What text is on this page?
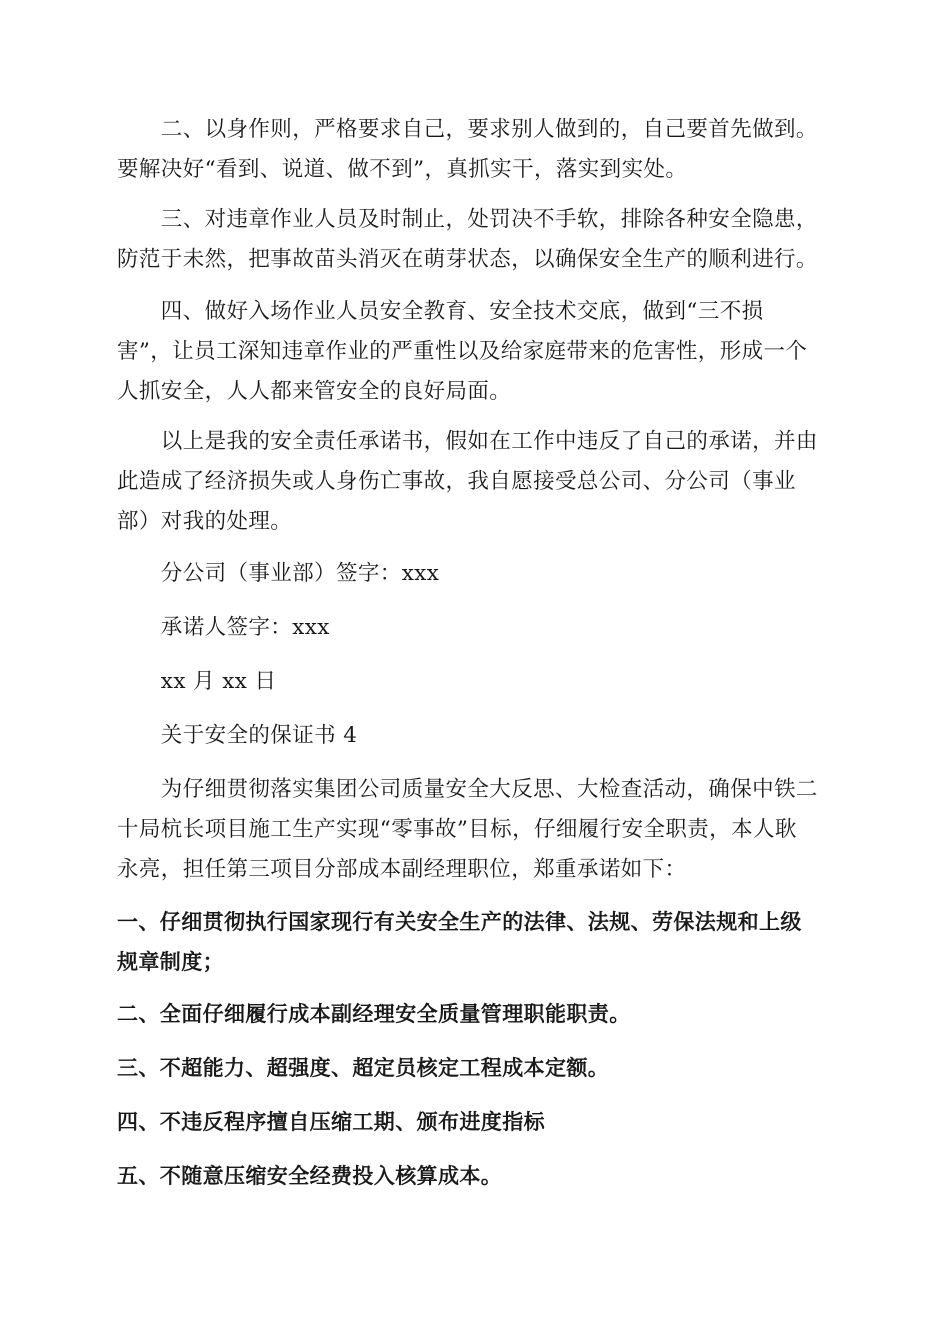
　　二、以身作则，严格要求自己，要求别人做到的，自己要首先做到。
要解决好“看到、说道、做不到”，真抓实干，落实到实处。

　　三、对违章作业人员及时制止，处罚决不手软，排除各种安全隐患，
防范于未然，把事故苗头消灭在萌芽状态，以确保安全生产的顺利进行。

　　四、做好入场作业人员安全教育、安全技术交底，做到“三不损
害”，让员工深知违章作业的严重性以及给家庭带来的危害性，形成一个
人抓安全，人人都来管安全的良好局面。

　　以上是我的安全责任承诺书，假如在工作中违反了自己的承诺，并由
此造成了经济损失或人身伤亡事故，我自愿接受总公司、分公司（事业
部）对我的处理。

　　分公司（事业部）签字：xxx

　　承诺人签字：xxx

　　xx 月 xx 日

　　关于安全的保证书 4

　　为仔细贯彻落实集团公司质量安全大反思、大检查活动，确保中铁二
十局杭长项目施工生产实现“零事故”目标，仔细履行安全职责，本人耿
永亮，担任第三项目分部成本副经理职位，郑重承诺如下：

一、仔细贯彻执行国家现行有关安全生产的法律、法规、劳保法规和上级
规章制度；

二、全面仔细履行成本副经理安全质量管理职能职责。

三、不超能力、超强度、超定员核定工程成本定额。

四、不违反程序擅自压缩工期、颁布进度指标

五、不随意压缩安全经费投入核算成本。
